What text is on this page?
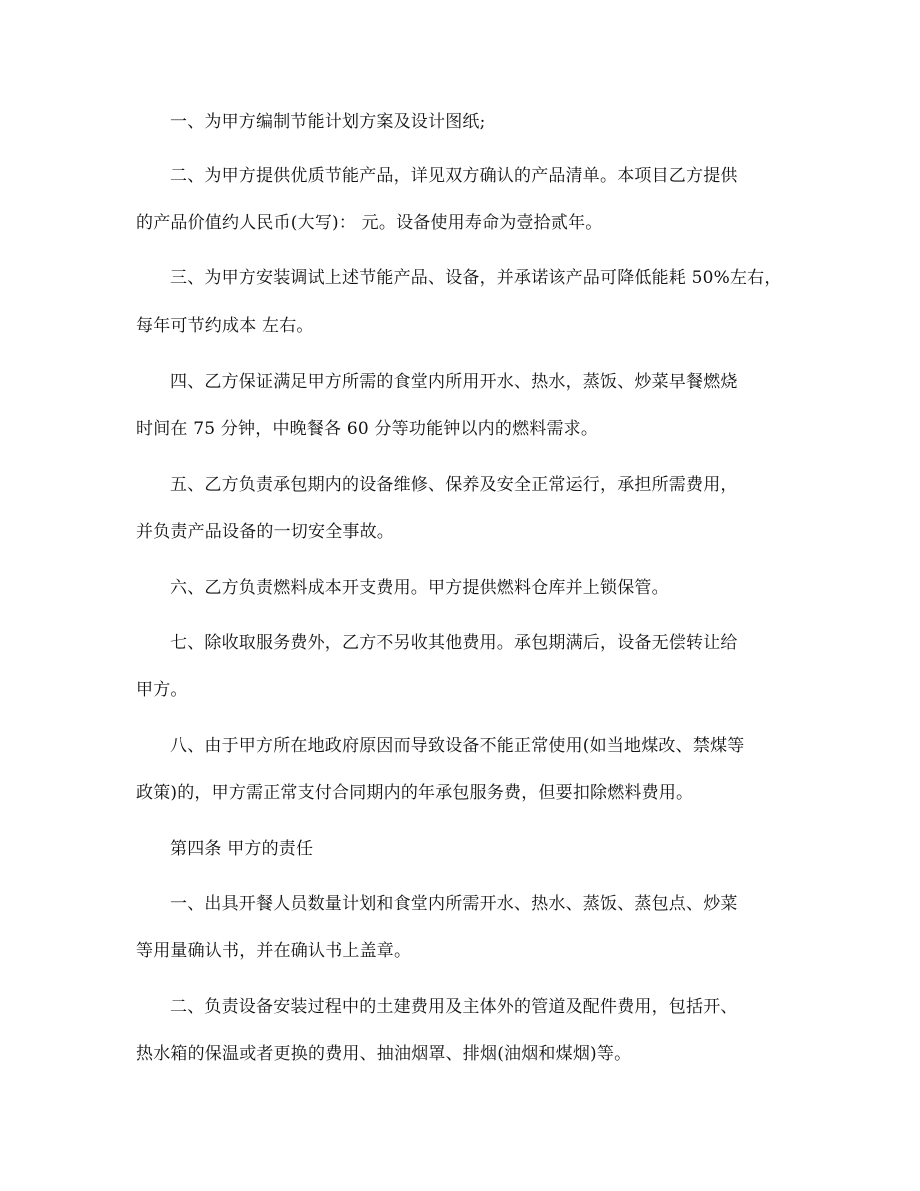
一、为甲方编制节能计划方案及设计图纸;
二、为甲方提供优质节能产品，详见双方确认的产品清单。本项目乙方提供
的产品价值约人民币(大写)： 元。设备使用寿命为壹拾贰年。
三、为甲方安装调试上述节能产品、设备，并承诺该产品可降低能耗 50%左右，
每年可节约成本 左右。
四、乙方保证满足甲方所需的食堂内所用开水、热水，蒸饭、炒菜早餐燃烧
时间在 75 分钟，中晚餐各 60 分等功能钟以内的燃料需求。
五、乙方负责承包期内的设备维修、保养及安全正常运行，承担所需费用，
并负责产品设备的一切安全事故。
六、乙方负责燃料成本开支费用。甲方提供燃料仓库并上锁保管。
七、除收取服务费外，乙方不另收其他费用。承包期满后，设备无偿转让给
甲方。
八、由于甲方所在地政府原因而导致设备不能正常使用(如当地煤改、禁煤等
政策)的，甲方需正常支付合同期内的年承包服务费，但要扣除燃料费用。
第四条 甲方的责任
一、出具开餐人员数量计划和食堂内所需开水、热水、蒸饭、蒸包点、炒菜
等用量确认书，并在确认书上盖章。
二、负责设备安装过程中的土建费用及主体外的管道及配件费用，包括开、
热水箱的保温或者更换的费用、抽油烟罩、排烟(油烟和煤烟)等。
